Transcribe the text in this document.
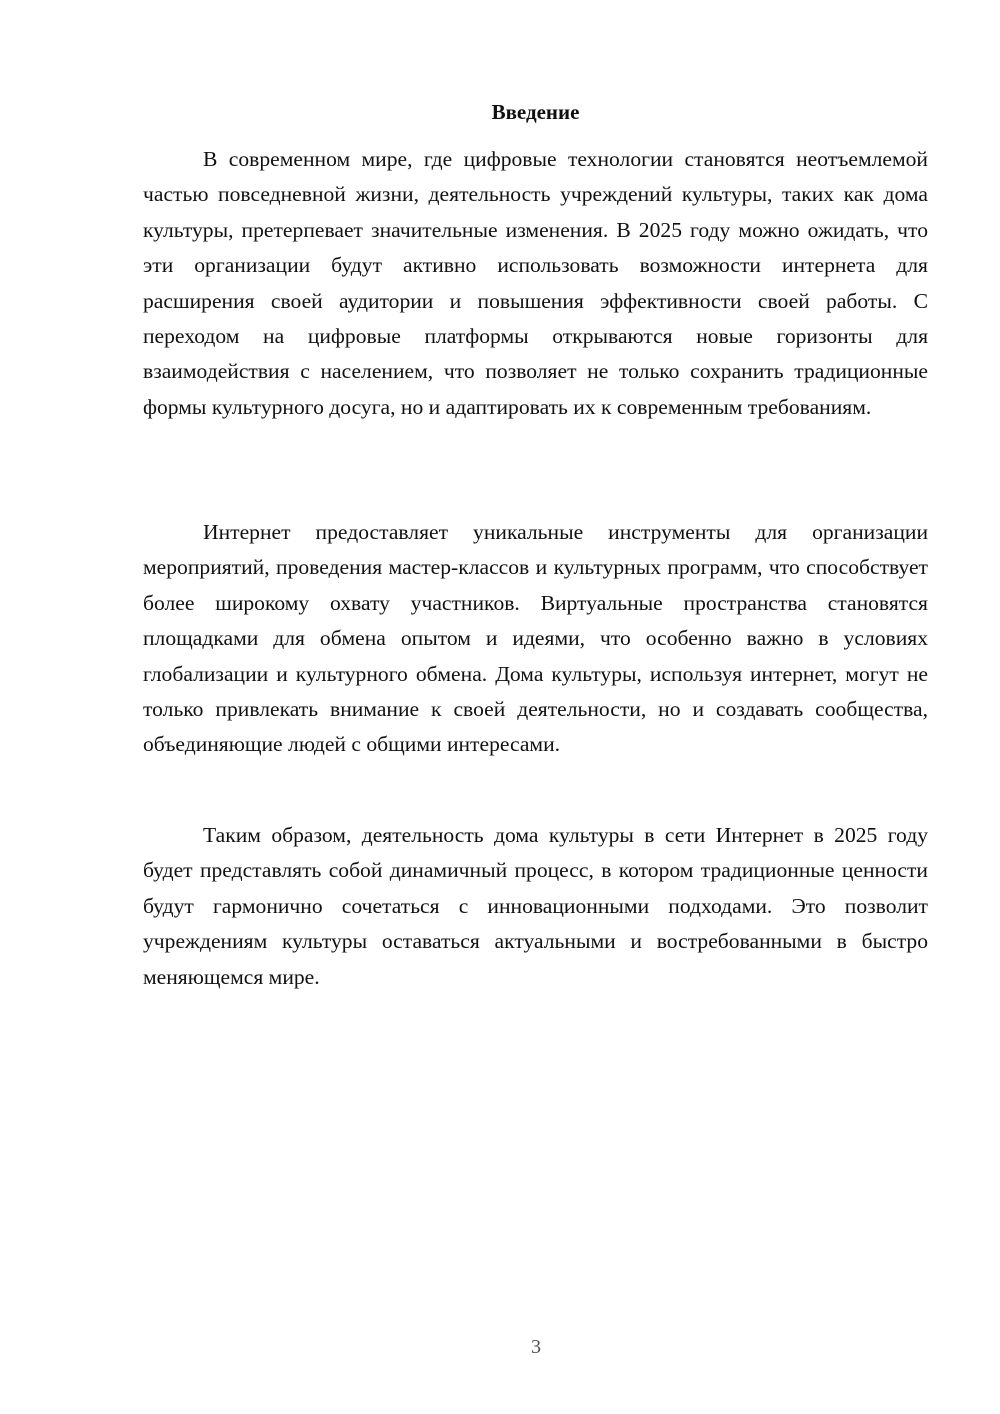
Введение

В современном мире, где цифровые технологии становятся неотъемлемой частью повседневной жизни, деятельность учреждений культуры, таких как дома культуры, претерпевает значительные изменения. В 2025 году можно ожидать, что эти организации будут активно использовать возможности интернета для расширения своей аудитории и повышения эффективности своей работы. С переходом на цифровые платформы открываются новые горизонты для взаимодействия с населением, что позволяет не только сохранить традиционные формы культурного досуга, но и адаптировать их к современным требованиям.

Интернет предоставляет уникальные инструменты для организации мероприятий, проведения мастер-классов и культурных программ, что способствует более широкому охвату участников. Виртуальные пространства становятся площадками для обмена опытом и идеями, что особенно важно в условиях глобализации и культурного обмена. Дома культуры, используя интернет, могут не только привлекать внимание к своей деятельности, но и создавать сообщества, объединяющие людей с общими интересами.

Таким образом, деятельность дома культуры в сети Интернет в 2025 году будет представлять собой динамичный процесс, в котором традиционные ценности будут гармонично сочетаться с инновационными подходами. Это позволит учреждениям культуры оставаться актуальными и востребованными в быстро меняющемся мире.

3
